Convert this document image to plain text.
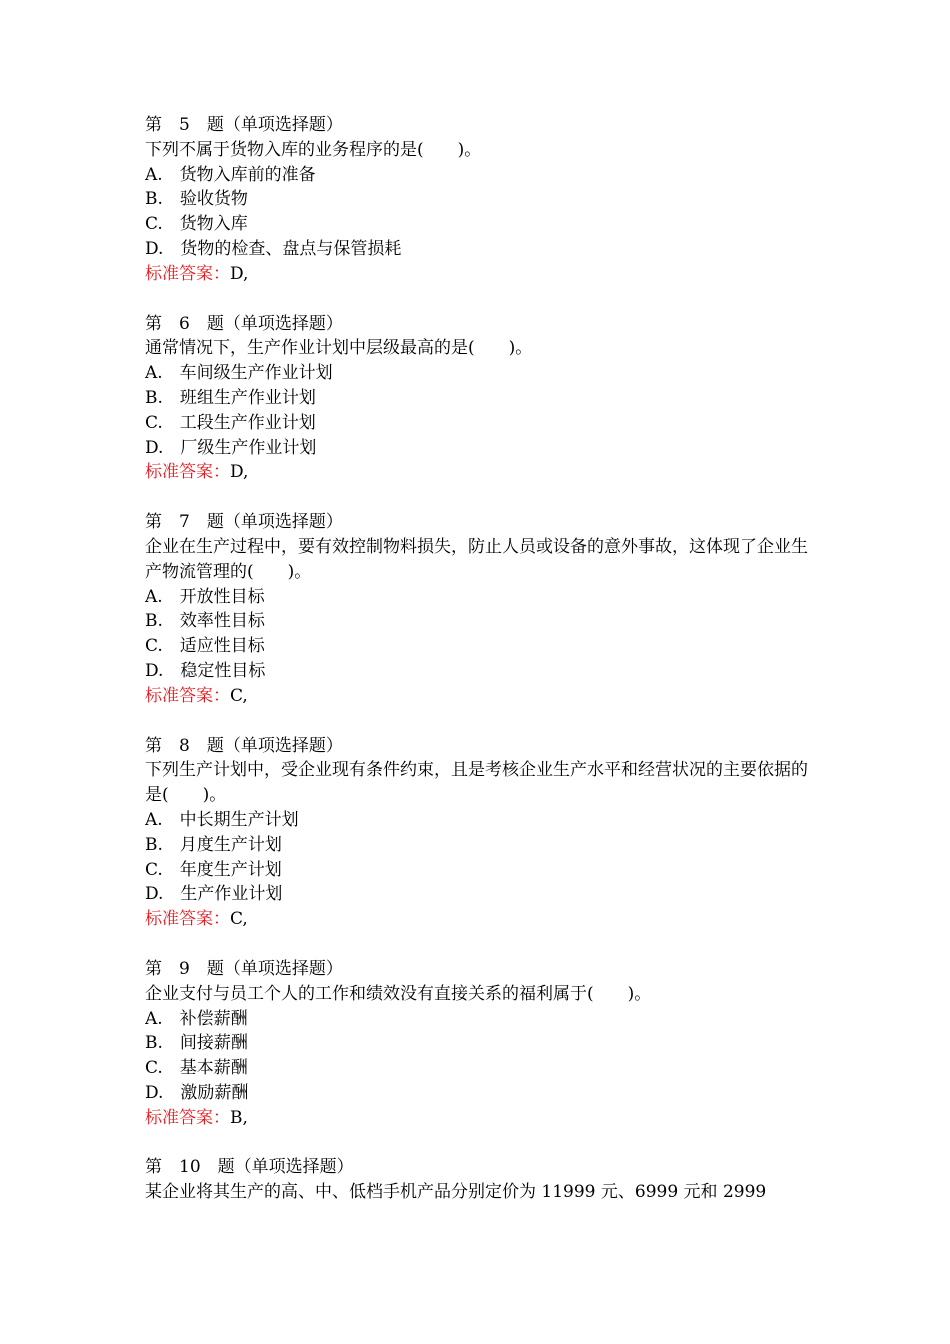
第　5　题（单项选择题）
下列不属于货物入库的业务程序的是(　　)。
A.　货物入库前的准备
B.　验收货物
C.　货物入库
D.　货物的检查、盘点与保管损耗
标准答案：D,
第　6　题（单项选择题）
通常情况下，生产作业计划中层级最高的是(　　)。
A.　车间级生产作业计划
B.　班组生产作业计划
C.　工段生产作业计划
D.　厂级生产作业计划
标准答案：D,
第　7　题（单项选择题）
企业在生产过程中，要有效控制物料损失，防止人员或设备的意外事故，这体现了企业生产物流管理的(　　)。
A.　开放性目标
B.　效率性目标
C.　适应性目标
D.　稳定性目标
标准答案：C,
第　8　题（单项选择题）
下列生产计划中，受企业现有条件约束，且是考核企业生产水平和经营状况的主要依据的是(　　)。
A.　中长期生产计划
B.　月度生产计划
C.　年度生产计划
D.　生产作业计划
标准答案：C,
第　9　题（单项选择题）
企业支付与员工个人的工作和绩效没有直接关系的福利属于(　　)。
A.　补偿薪酬
B.　间接薪酬
C.　基本薪酬
D.　激励薪酬
标准答案：B,
第　10　题（单项选择题）
某企业将其生产的高、中、低档手机产品分别定价为 11999 元、6999 元和 2999
